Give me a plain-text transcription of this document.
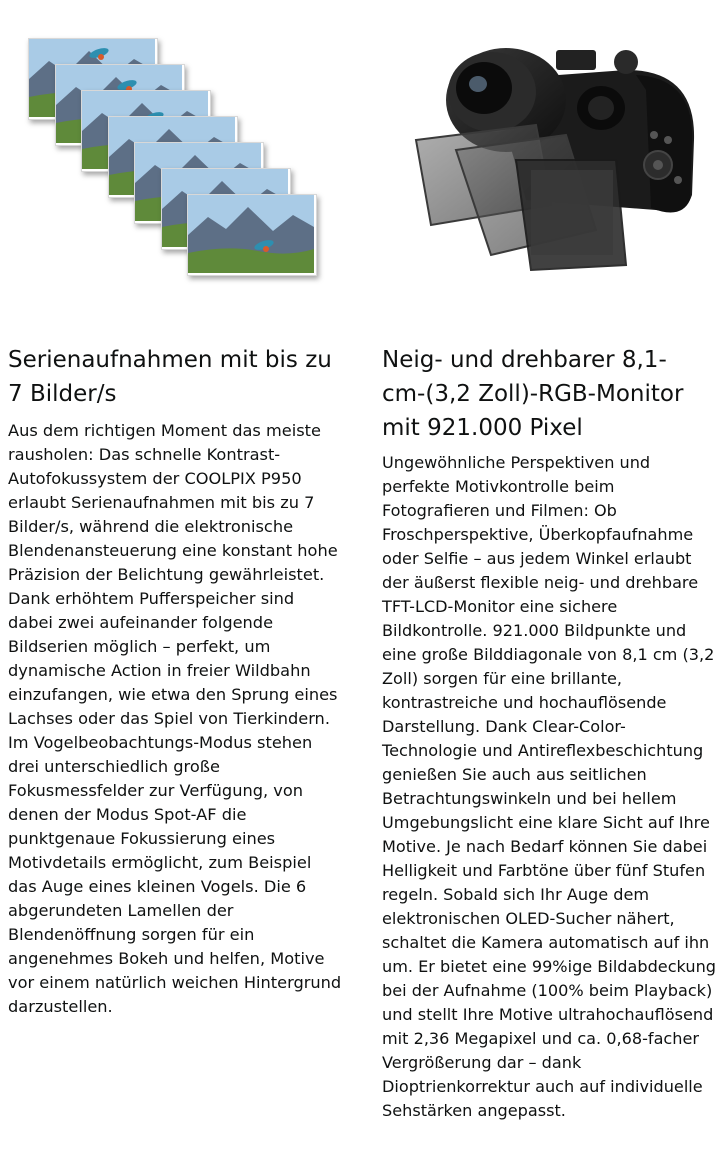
Serienaufnahmen mit bis zu 7 Bilder/s

Aus dem richtigen Moment das meiste rausholen: Das schnelle Kontrast-Autofokussystem der COOLPIX P950 erlaubt Serienaufnahmen mit bis zu 7 Bilder/s, während die elektronische Blendenansteuerung eine konstant hohe Präzision der Belichtung gewährleistet. Dank erhöhtem Pufferspeicher sind dabei zwei aufeinander folgende Bildserien möglich – perfekt, um dynamische Action in freier Wildbahn einzufangen, wie etwa den Sprung eines Lachses oder das Spiel von Tierkindern. Im Vogelbeobachtungs-Modus stehen drei unterschiedlich große Fokusmessfelder zur Verfügung, von denen der Modus Spot-AF die punktgenaue Fokussierung eines Motivdetails ermöglicht, zum Beispiel das Auge eines kleinen Vogels. Die 6 abgerundeten Lamellen der Blendenöffnung sorgen für ein angenehmes Bokeh und helfen, Motive vor einem natürlich weichen Hintergrund darzustellen.

Neig- und drehbarer 8,1-cm-(3,2 Zoll)-RGB-Monitor mit 921.000 Pixel

Ungewöhnliche Perspektiven und perfekte Motivkontrolle beim Fotografieren und Filmen: Ob Froschperspektive, Überkopfaufnahme oder Selfie – aus jedem Winkel erlaubt der äußerst flexible neig- und drehbare TFT-LCD-Monitor eine sichere Bildkontrolle. 921.000 Bildpunkte und eine große Bilddiagonale von 8,1 cm (3,2 Zoll) sorgen für eine brillante, kontrastreiche und hochauflösende Darstellung. Dank Clear-Color-Technologie und Antireflexbeschichtung genießen Sie auch aus seitlichen Betrachtungswinkeln und bei hellem Umgebungslicht eine klare Sicht auf Ihre Motive. Je nach Bedarf können Sie dabei Helligkeit und Farbtöne über fünf Stufen regeln. Sobald sich Ihr Auge dem elektronischen OLED-Sucher nähert, schaltet die Kamera automatisch auf ihn um. Er bietet eine 99%ige Bildabdeckung bei der Aufnahme (100% beim Playback) und stellt Ihre Motive ultrahochauflösend mit 2,36 Megapixel und ca. 0,68-facher Vergrößerung dar – dank Dioptrienkorrektur auch auf individuelle Sehstärken angepasst.
